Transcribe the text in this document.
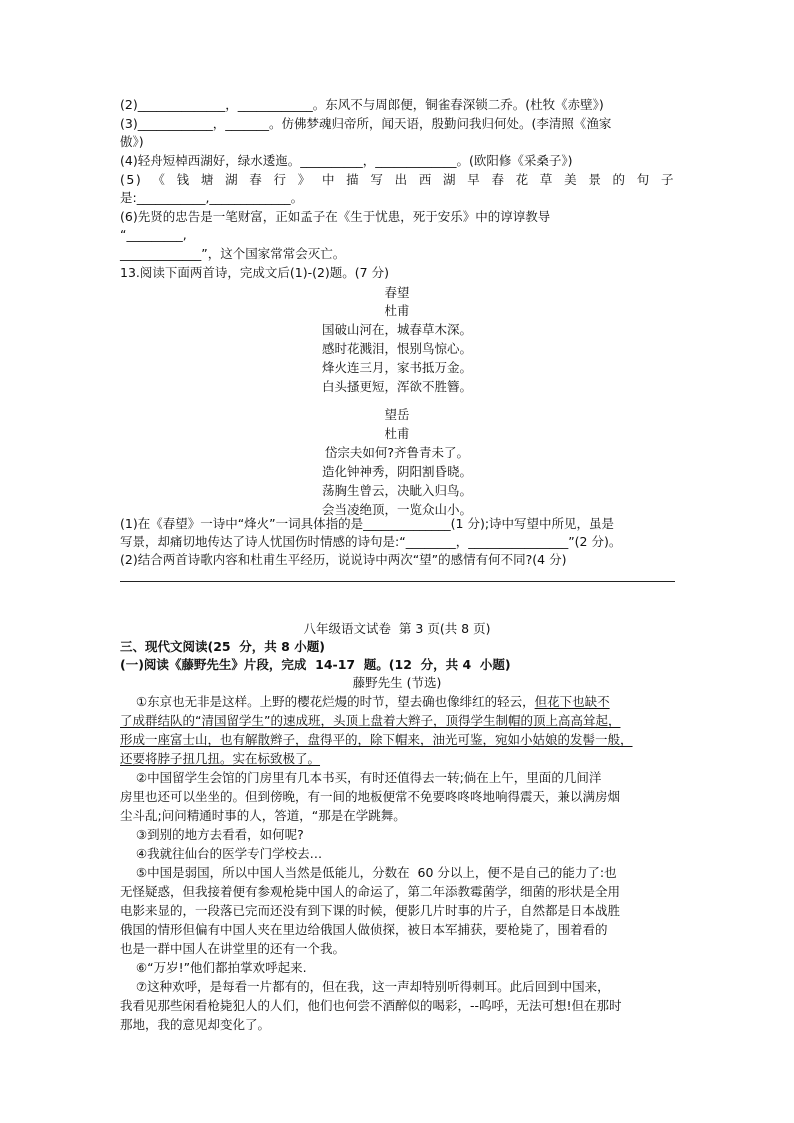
(2)______________，____________。东风不与周郎便，铜雀春深锁二乔。(杜牧《赤壁》)
(3)____________，_______。仿佛梦魂归帝所，闻天语，殷勤问我归何处。(李清照《渔家
傲》)
(4)轻舟短棹西湖好，绿水逶迤。__________，_____________。(欧阳修《采桑子》)
(5)《钱塘湖春行》中描写出西湖早春花草美景的句子
是:___________,_____________。
(6)先贤的忠告是一笔财富，正如孟子在《生于忧患，死于安乐》中的谆谆教导
“_________,
_____________”，这个国家常常会灭亡。
13.阅读下面两首诗，完成文后(1)-(2)题。(7 分)
春望
杜甫
国破山河在，城春草木深。
感时花溅泪，恨别鸟惊心。
烽火连三月，家书抵万金。
白头搔更短，浑欲不胜簪。
望岳
杜甫
岱宗夫如何?齐鲁青未了。
造化钟神秀，阴阳割昏晓。
荡胸生曾云，决眦入归鸟。
会当凌绝顶，一览众山小。
(1)在《春望》一诗中“烽火”一词具体指的是______________(1 分);诗中写望中所见，虽是
写景，却痛切地传达了诗人忧国伤时情感的诗句是:“________，________________”(2 分)。
(2)结合两首诗歌内容和杜甫生平经历，说说诗中两次“望”的感情有何不同?(4 分)
八年级语文试卷  第 3 页(共 8 页)
三、现代文阅读(25  分，共 8 小题)
(一)阅读《藤野先生》片段，完成  14-17  题。(12  分，共 4  小题)
藤野先生 (节选)
①东京也无非是这样。上野的樱花烂熳的时节，望去确也像绯红的轻云，但花下也缺不
了成群结队的“清国留学生”的速成班，头顶上盘着大辫子，顶得学生制帽的顶上高高耸起，
形成一座富士山，也有解散辫子，盘得平的，除下帽来，油光可鉴，宛如小姑娘的发髻一般，
还要将脖子扭几扭。实在标致极了。
②中国留学生会馆的门房里有几本书买，有时还值得去一转;倘在上午，里面的几间洋
房里也还可以坐坐的。但到傍晚，有一间的地板便常不免要咚咚咚地响得震天，兼以满房烟
尘斗乱;问问精通时事的人，答道，“那是在学跳舞。
③到别的地方去看看，如何呢?
④我就往仙台的医学专门学校去…
⑤中国是弱国，所以中国人当然是低能儿，分数在  60 分以上，便不是自己的能力了:也
无怪疑惑，但我接着便有参观枪毙中国人的命运了，第二年添教霉菌学，细菌的形状是全用
电影来显的，一段落已完而还没有到下课的时候，便影几片时事的片子，自然都是日本战胜
俄国的情形但偏有中国人夹在里边给俄国人做侦探，被日本军捕获，要枪毙了，围着看的
也是一群中国人在讲堂里的还有一个我。
⑥“万岁!”他们都拍掌欢呼起来.
⑦这种欢呼，是每看一片都有的，但在我，这一声却特别听得刺耳。此后回到中国来，
我看见那些闲看枪毙犯人的人们，他们也何尝不酒醉似的喝彩，--呜呼，无法可想!但在那时
那地，我的意见却变化了。
